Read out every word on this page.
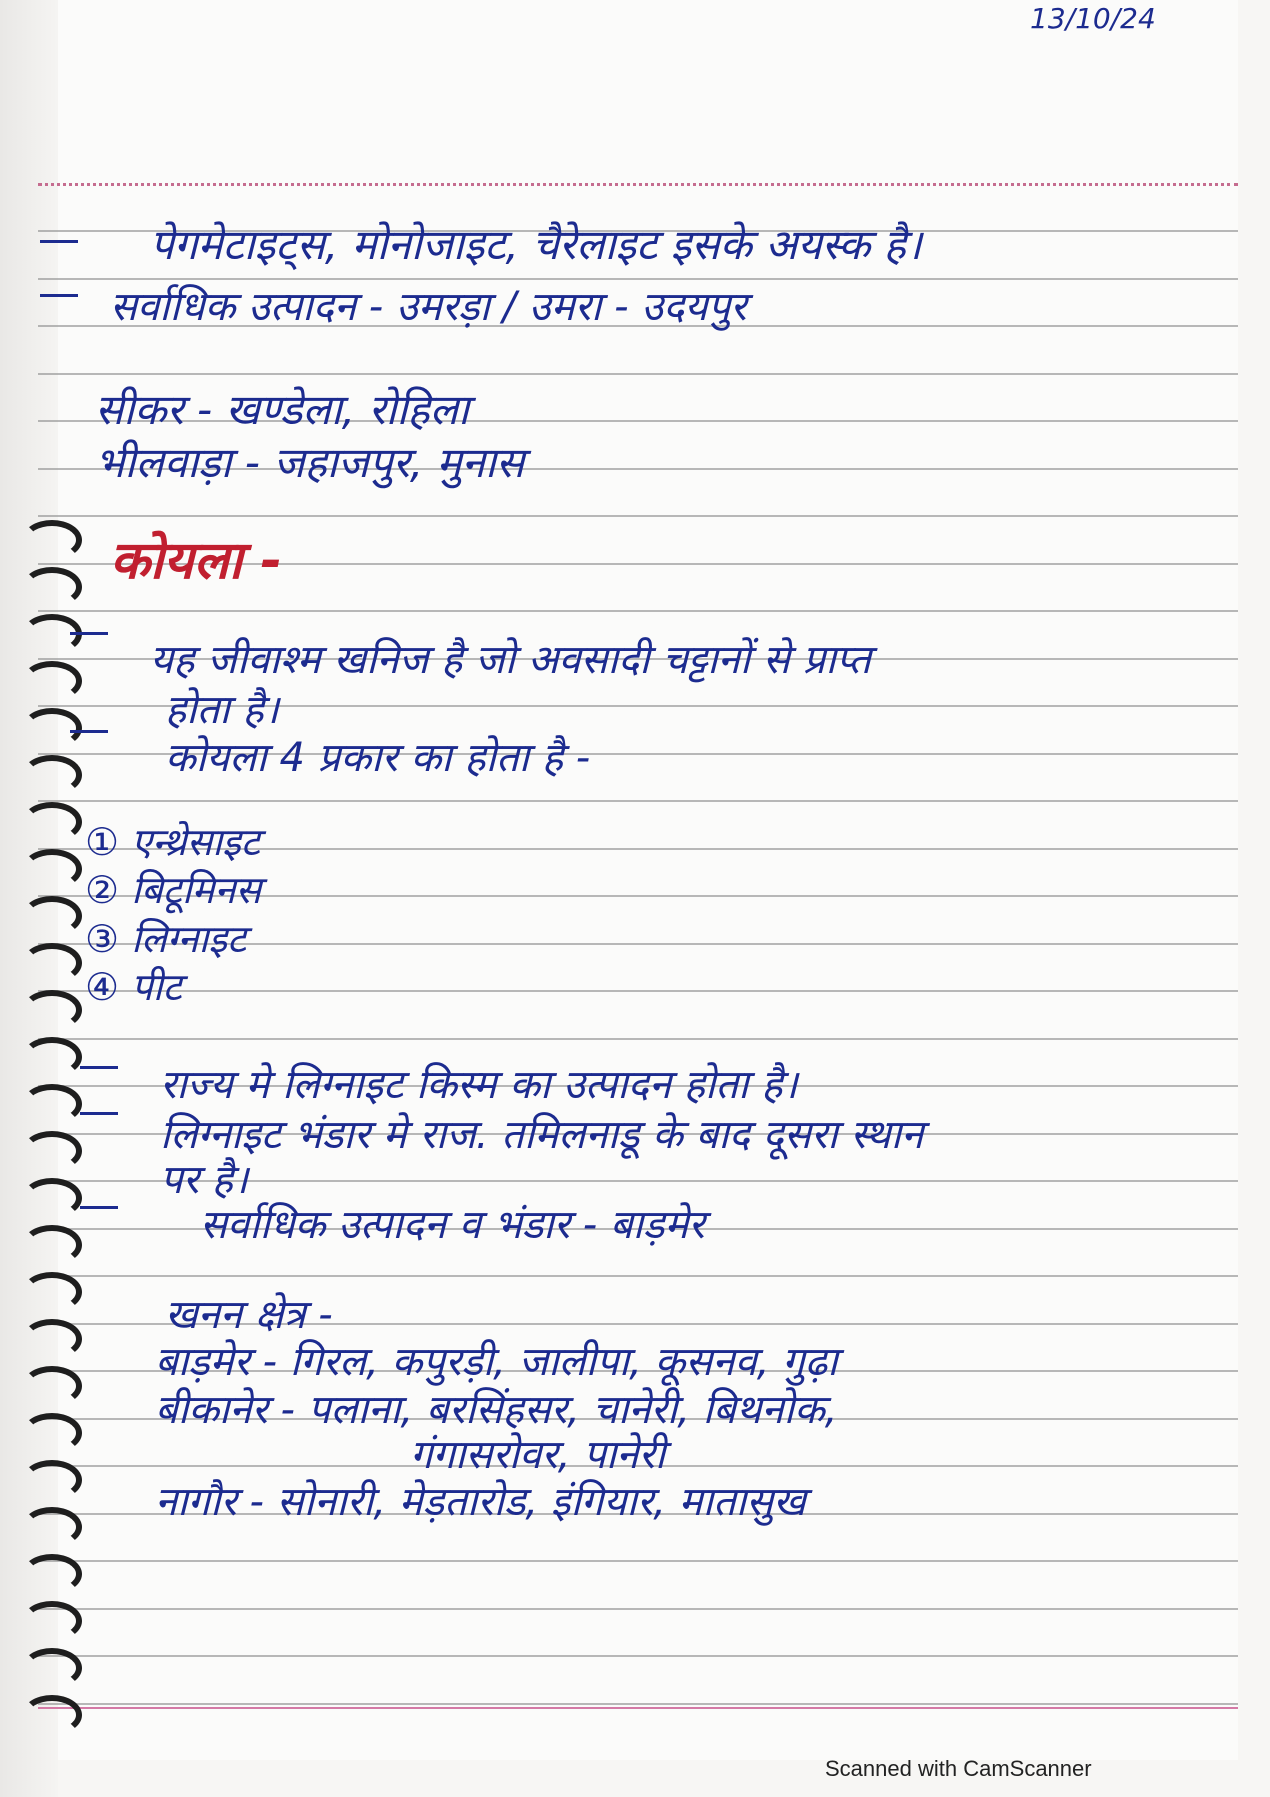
13/10/24
पेगमेटाइट्स, मोनोजाइट, चैरेलाइट इसके अयस्क है।
सर्वाधिक उत्पादन - उमरड़ा / उमरा - उदयपुर
सीकर - खण्डेला, रोहिला
भीलवाड़ा - जहाजपुर, मुनास
कोयला -
यह जीवाश्म खनिज है जो अवसादी चट्टानों से प्राप्त
होता है।
कोयला 4 प्रकार का होता है -
① एन्थ्रेसाइट
② बिटूमिनस
③ लिग्नाइट
④ पीट
राज्य मे लिग्नाइट किस्म का उत्पादन होता है।
लिग्नाइट भंडार मे राज. तमिलनाडू के बाद दूसरा स्थान
पर है।
सर्वाधिक उत्पादन व भंडार - बाड़मेर
खनन क्षेत्र -
बाड़मेर - गिरल, कपुरड़ी, जालीपा, कूसनव, गुढ़ा
बीकानेर - पलाना, बरसिंहसर, चानेरी, बिथनोक,
गंगासरोवर, पानेरी
नागौर - सोनारी, मेड़तारोड, इंगियार, मातासुख
Scanned with CamScanner
